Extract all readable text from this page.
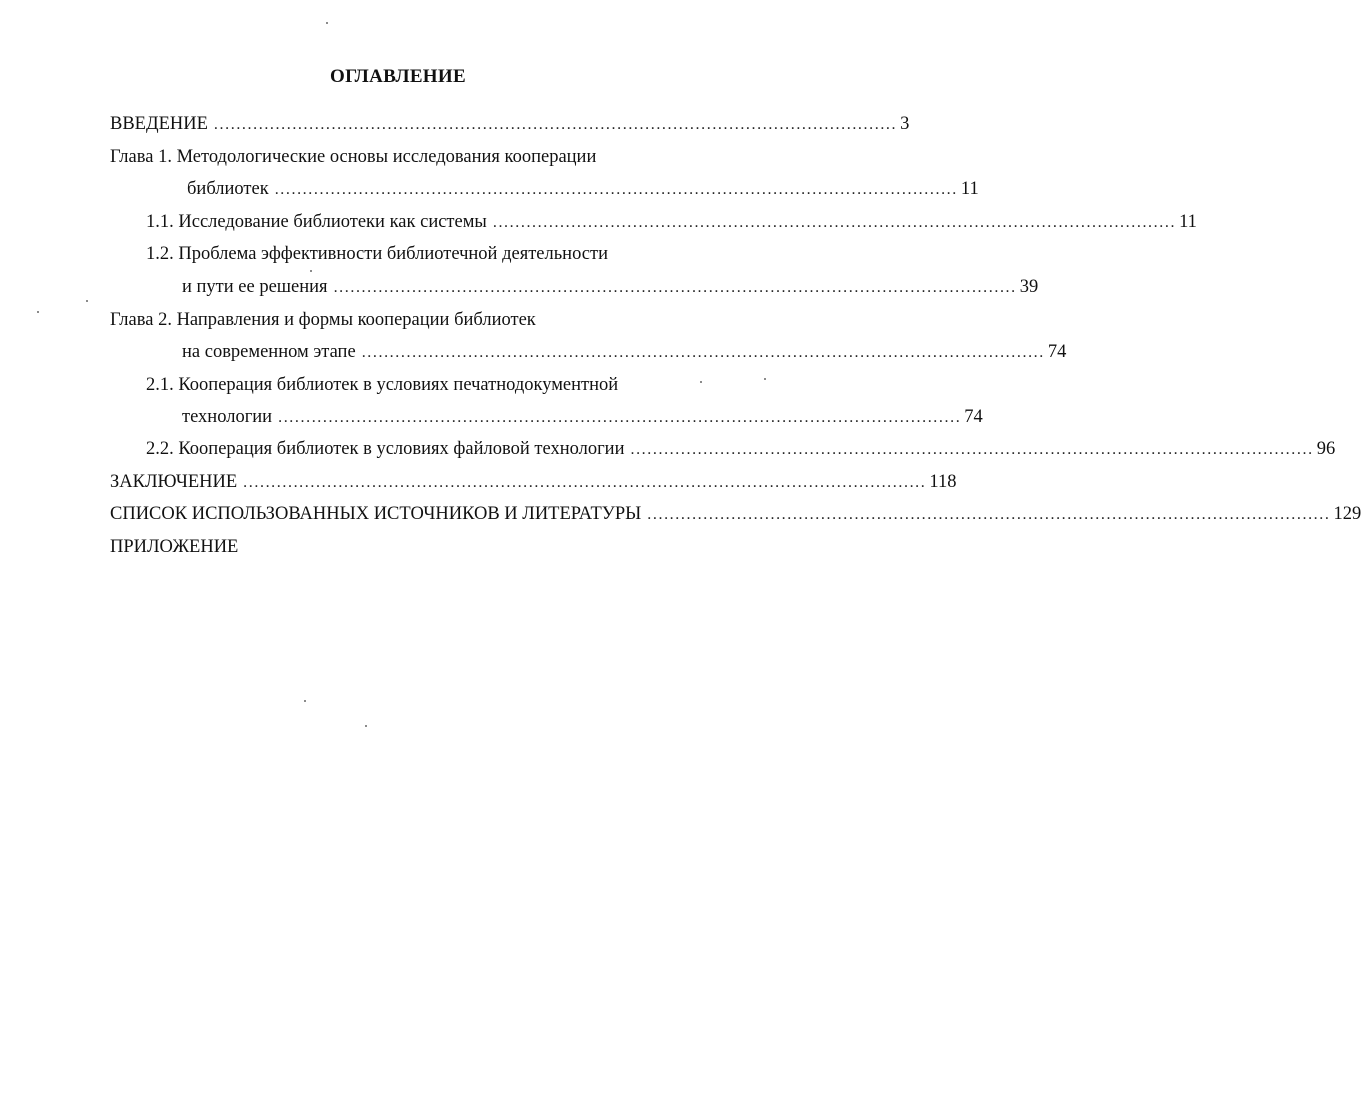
ОГЛАВЛЕНИЕ
ВВЕДЕНИЕ .......................................................................................................................... 3
Глава 1. Методологические основы исследования кооперации
библиотек .......................................................................................................................... 11
1.1. Исследование библиотеки как системы .......................................................................................................................... 11
1.2. Проблема эффективности библиотечной деятельности
и пути ее решения .......................................................................................................................... 39
Глава 2. Направления и формы кооперации библиотек
на современном этапе .......................................................................................................................... 74
2.1. Кооперация библиотек в условиях печатнодокументной
технологии .......................................................................................................................... 74
2.2. Кооперация библиотек в условиях файловой технологии .......................................................................................................................... 96
ЗАКЛЮЧЕНИЕ .......................................................................................................................... 118
СПИСОК ИСПОЛЬЗОВАННЫХ ИСТОЧНИКОВ И ЛИТЕРАТУРЫ .......................................................................................................................... 129
ПРИЛОЖЕНИЕ
